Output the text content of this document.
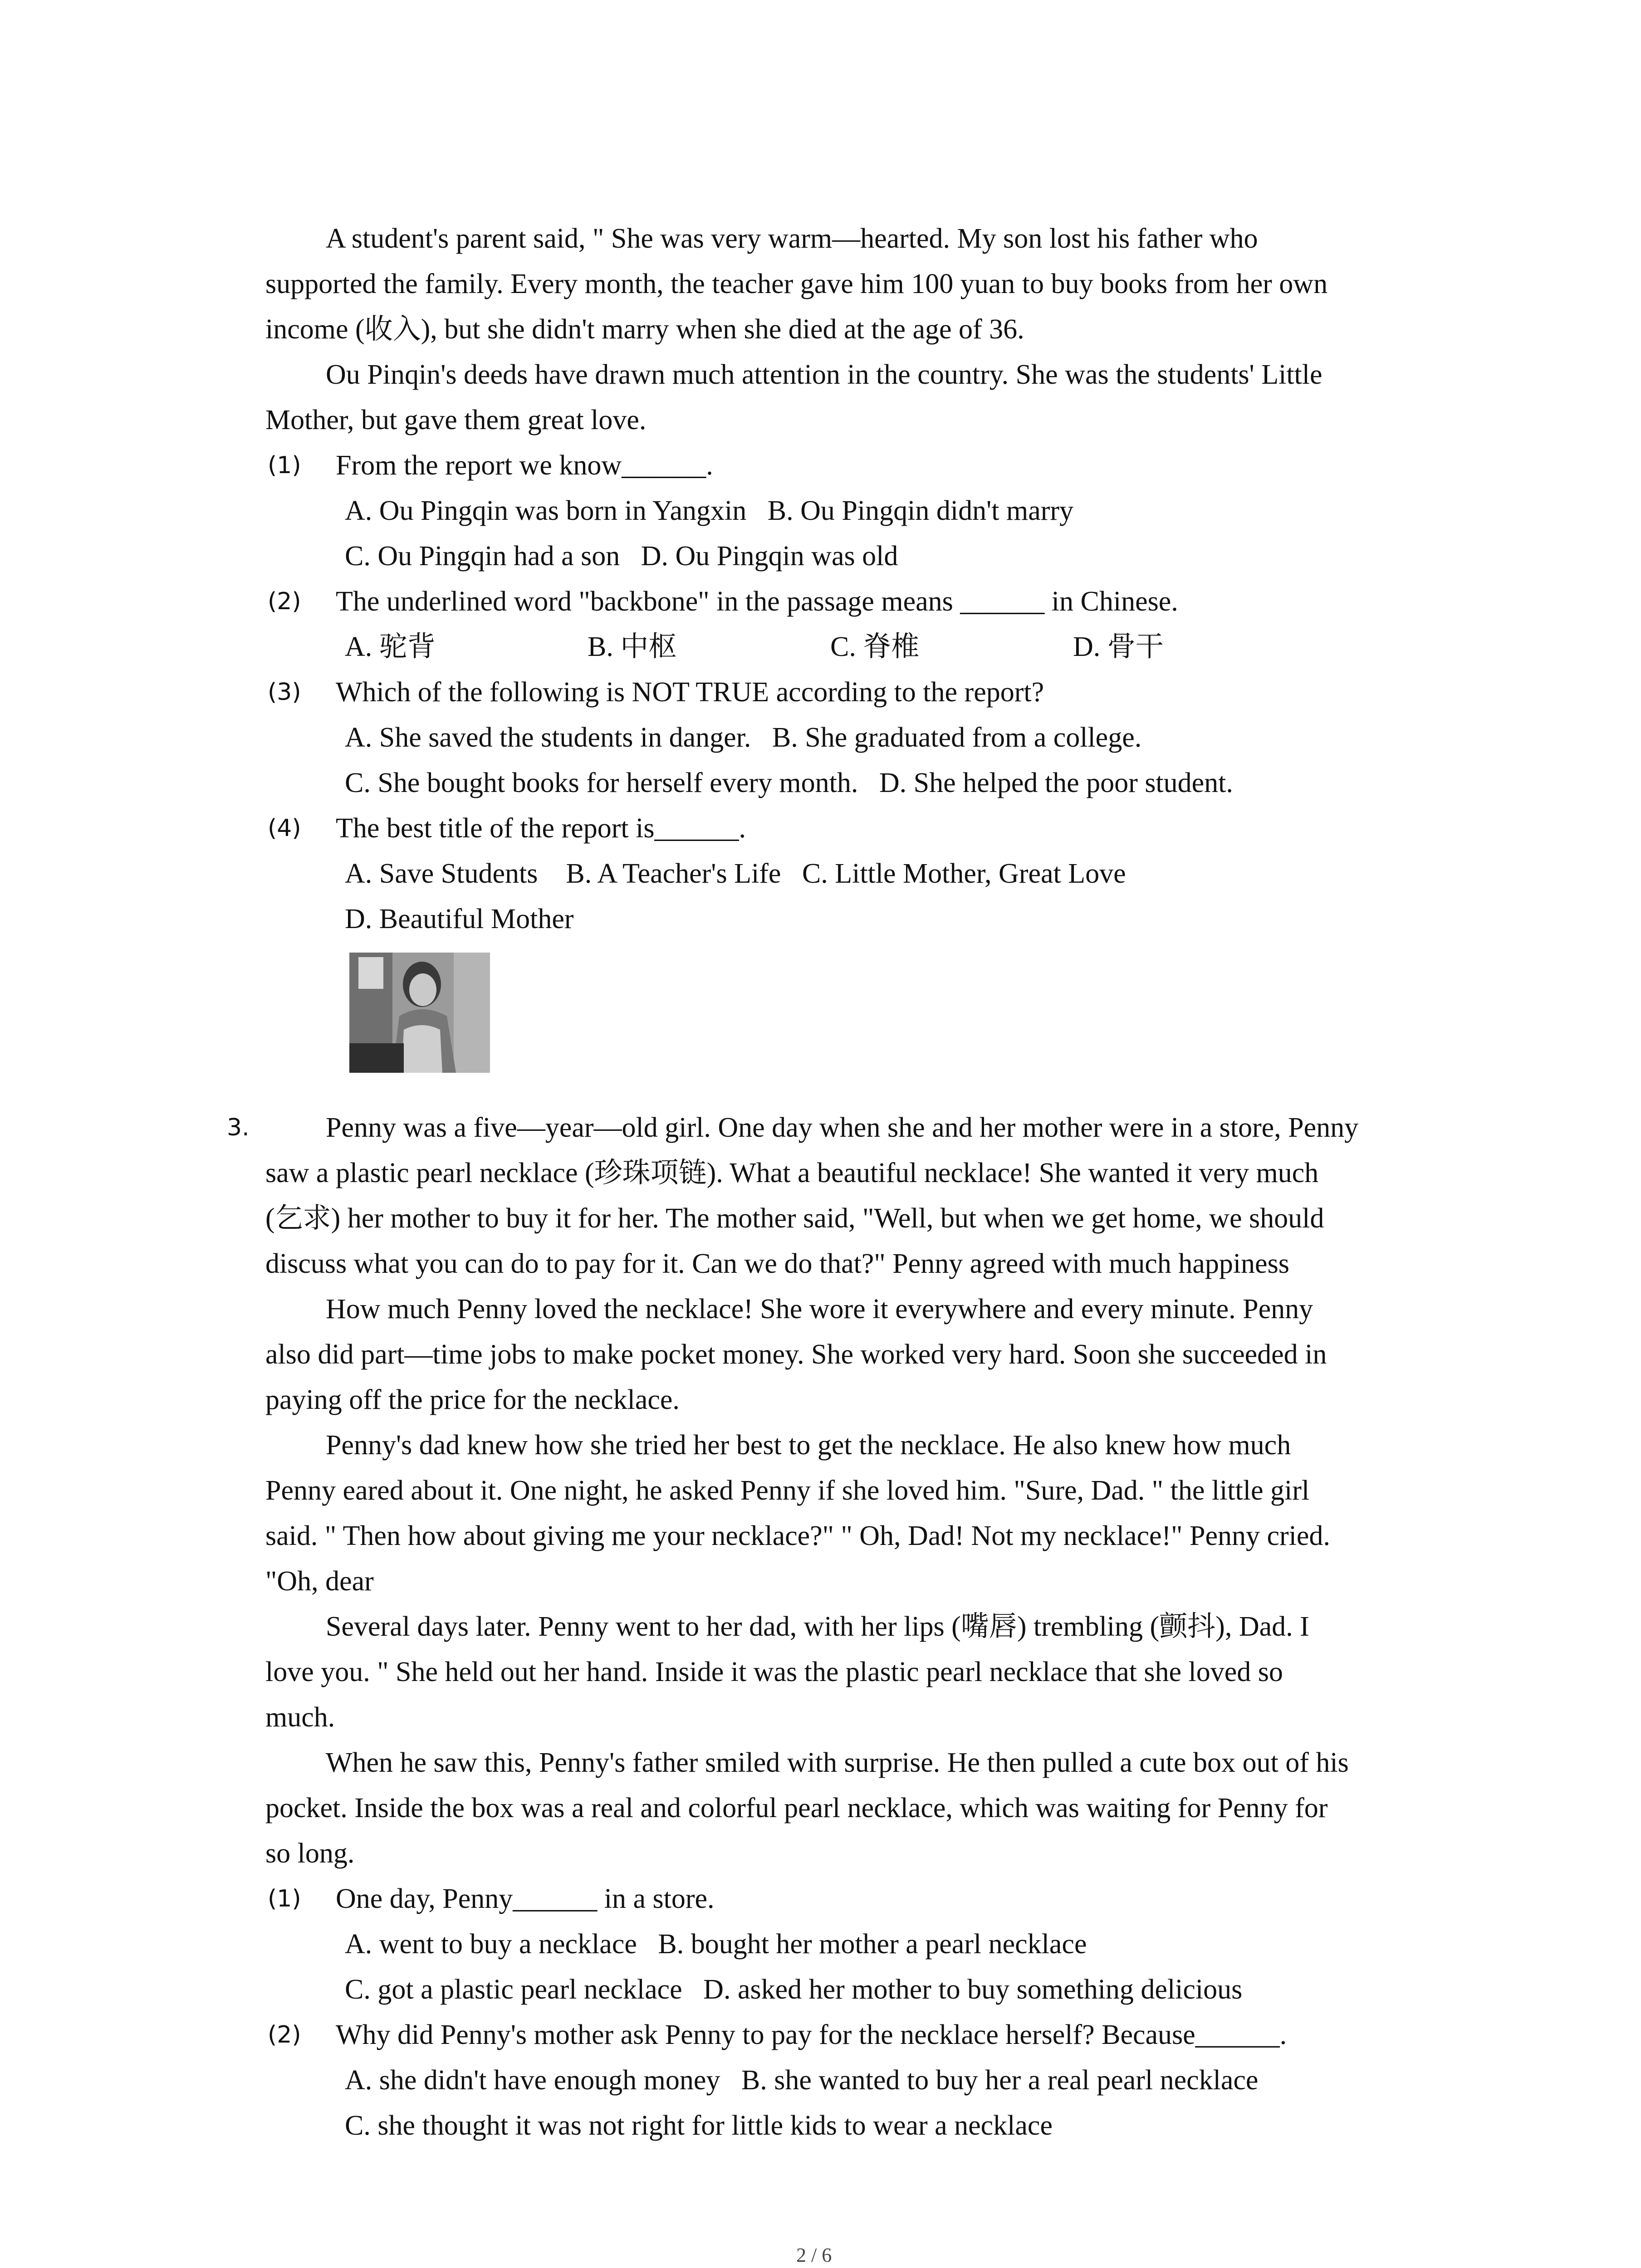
A student's parent said, " She was very warm—hearted. My son lost his father who
supported the family. Every month, the teacher gave him 100 yuan to buy books from her own
income (收入), but she didn't marry when she died at the age of 36.
Ou Pinqin's deeds have drawn much attention in the country. She was the students' Little
Mother, but gave them great love.
(1) From the report we know______.
A. Ou Pingqin was born in Yangxin   B. Ou Pingqin didn't marry
C. Ou Pingqin had a son   D. Ou Pingqin was old
(2) The underlined word "backbone" in the passage means ______ in Chinese.
A. 驼背	B. 中枢	C. 脊椎	D. 骨干
(3) Which of the following is NOT TRUE according to the report?
A. She saved the students in danger.   B. She graduated from a college.
C. She bought books for herself every month.   D. She helped the poor student.
(4) The best title of the report is______.
A. Save Students    B. A Teacher's Life   C. Little Mother, Great Love
D. Beautiful Mother
3.	Penny was a five—year—old girl. One day when she and her mother were in a store, Penny
saw a plastic pearl necklace (珍珠项链). What a beautiful necklace! She wanted it very much
(乞求) her mother to buy it for her. The mother said, "Well, but when we get home, we should
discuss what you can do to pay for it. Can we do that?" Penny agreed with much happiness
How much Penny loved the necklace! She wore it everywhere and every minute. Penny
also did part—time jobs to make pocket money. She worked very hard. Soon she succeeded in
paying off the price for the necklace.
Penny's dad knew how she tried her best to get the necklace. He also knew how much
Penny eared about it. One night, he asked Penny if she loved him. "Sure, Dad. " the little girl
said. " Then how about giving me your necklace?" " Oh, Dad! Not my necklace!" Penny cried.
"Oh, dear
Several days later. Penny went to her dad, with her lips (嘴唇) trembling (颤抖), Dad. I
love you. " She held out her hand. Inside it was the plastic pearl necklace that she loved so
much.
When he saw this, Penny's father smiled with surprise. He then pulled a cute box out of his
pocket. Inside the box was a real and colorful pearl necklace, which was waiting for Penny for
so long.
(1) One day, Penny______ in a store.
A. went to buy a necklace   B. bought her mother a pearl necklace
C. got a plastic pearl necklace   D. asked her mother to buy something delicious
(2) Why did Penny's mother ask Penny to pay for the necklace herself? Because______.
A. she didn't have enough money   B. she wanted to buy her a real pearl necklace
C. she thought it was not right for little kids to wear a necklace
2 / 6
